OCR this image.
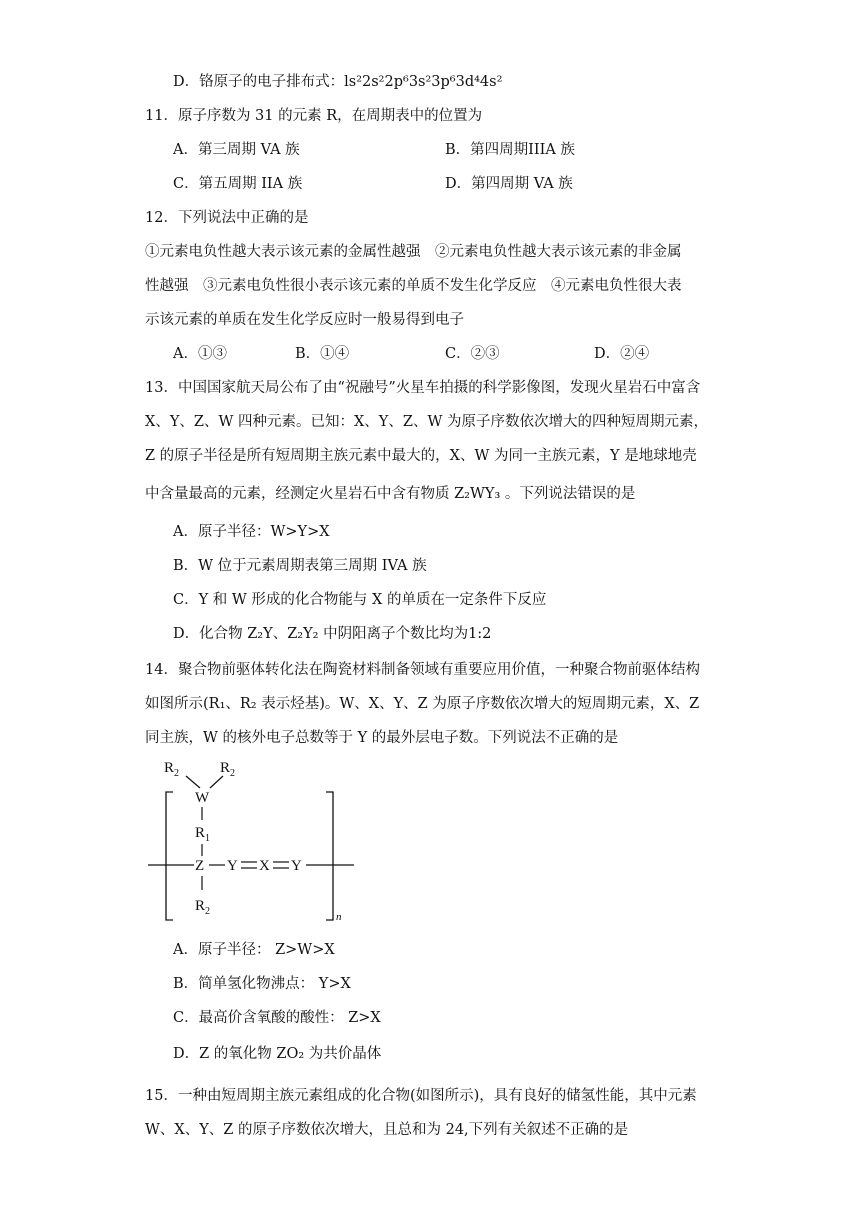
D．铬原子的电子排布式：ls²2s²2p⁶3s²3p⁶3d⁴4s²
11．原子序数为 31 的元素 R，在周期表中的位置为
A．第三周期 VA 族	B．第四周期IIIA 族
C．第五周期 IIA 族	D．第四周期 VA 族
12．下列说法中正确的是
①元素电负性越大表示该元素的金属性越强　②元素电负性越大表示该元素的非金属
性越强　③元素电负性很小表示该元素的单质不发生化学反应　④元素电负性很大表
示该元素的单质在发生化学反应时一般易得到电子
A．①③	B．①④	C．②③	D．②④
13．中国国家航天局公布了由“祝融号”火星车拍摄的科学影像图，发现火星岩石中富含
X、Y、Z、W 四种元素。已知：X、Y、Z、W 为原子序数依次增大的四种短周期元素，
Z 的原子半径是所有短周期主族元素中最大的，X、W 为同一主族元素，Y 是地球地壳
中含量最高的元素，经测定火星岩石中含有物质 Z₂WY₃ 。下列说法错误的是
A．原子半径：W>Y>X
B．W 位于元素周期表第三周期 IVA 族
C．Y 和 W 形成的化合物能与 X 的单质在一定条件下反应
D．化合物 Z₂Y、Z₂Y₂ 中阴阳离子个数比均为1:2
14．聚合物前驱体转化法在陶瓷材料制备领域有重要应用价值，一种聚合物前驱体结构
如图所示(R₁、R₂ 表示烃基)。W、X、Y、Z 为原子序数依次增大的短周期元素，X、Z
同主族，W 的核外电子总数等于 Y 的最外层电子数。下列说法不正确的是
R 2	R 2
W
R 1
Z Y X Y
R 2	n
A．原子半径： Z>W>X
B．简单氢化物沸点： Y>X
C．最高价含氧酸的酸性： Z>X
D．Z 的氧化物 ZO₂ 为共价晶体
15．一种由短周期主族元素组成的化合物(如图所示)，具有良好的储氢性能，其中元素
W、X、Y、Z 的原子序数依次增大，且总和为 24,下列有关叙述不正确的是
